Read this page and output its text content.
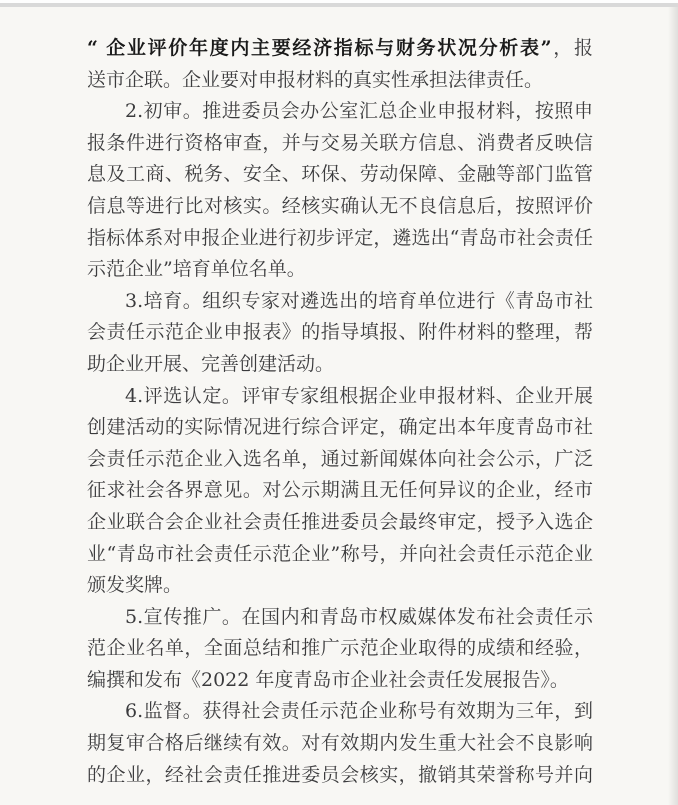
“ 企业评价年度内主要经济指标与财务状况分析表”，报
送市企联。企业要对申报材料的真实性承担法律责任。
2.初审。推进委员会办公室汇总企业申报材料，按照申
报条件进行资格审查，并与交易关联方信息、消费者反映信
息及工商、税务、安全、环保、劳动保障、金融等部门监管
信息等进行比对核实。经核实确认无不良信息后，按照评价
指标体系对申报企业进行初步评定，遴选出“青岛市社会责任
示范企业”培育单位名单。
3.培育。组织专家对遴选出的培育单位进行《青岛市社
会责任示范企业申报表》的指导填报、附件材料的整理，帮
助企业开展、完善创建活动。
4.评选认定。评审专家组根据企业申报材料、企业开展
创建活动的实际情况进行综合评定，确定出本年度青岛市社
会责任示范企业入选名单，通过新闻媒体向社会公示，广泛
征求社会各界意见。对公示期满且无任何异议的企业，经市
企业联合会企业社会责任推进委员会最终审定，授予入选企
业“青岛市社会责任示范企业”称号，并向社会责任示范企业
颁发奖牌。
5.宣传推广。在国内和青岛市权威媒体发布社会责任示
范企业名单，全面总结和推广示范企业取得的成绩和经验，
编撰和发布《2022 年度青岛市企业社会责任发展报告》。
6.监督。获得社会责任示范企业称号有效期为三年，到
期复审合格后继续有效。对有效期内发生重大社会不良影响
的企业，经社会责任推进委员会核实，撤销其荣誉称号并向
